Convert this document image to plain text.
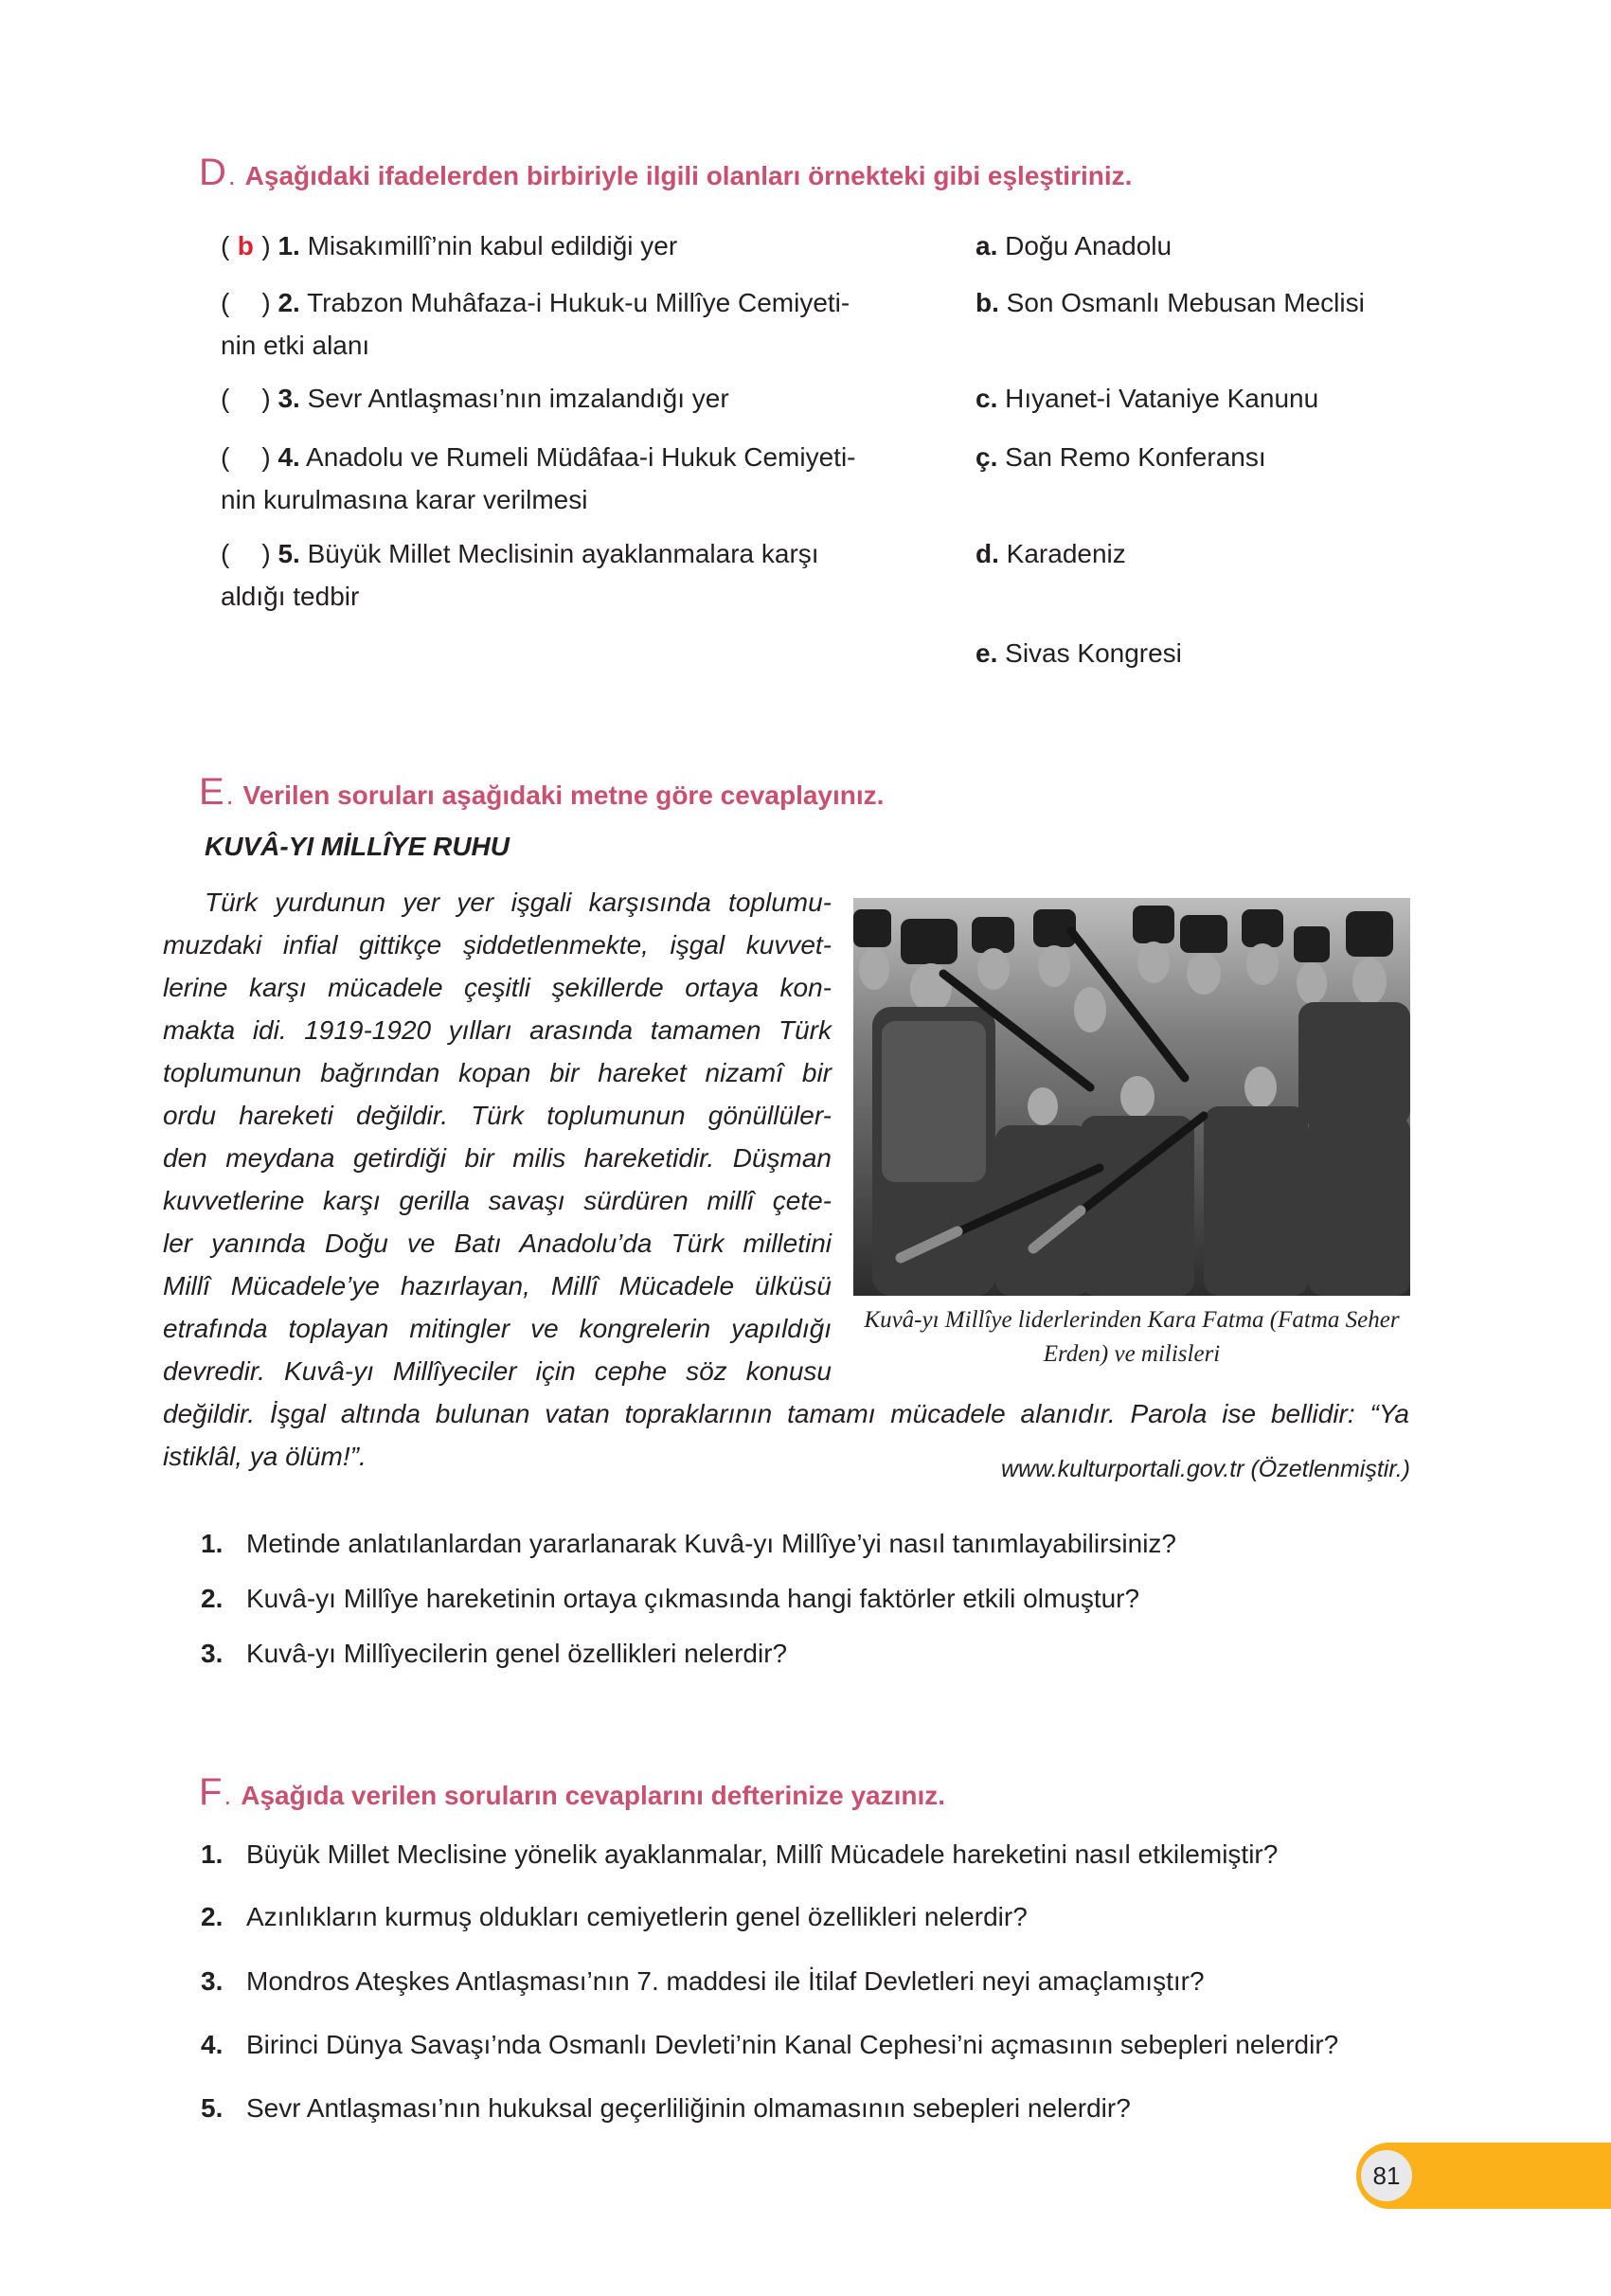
D . Aşağıdaki ifadelerden birbiriyle ilgili olanları örnekteki gibi eşleştiriniz.
( b ) 1. Misakımillî’nin kabul edildiği yer
( ) 2. Trabzon Muhâfaza-i Hukuk-u Millîye Cemiyeti-
nin etki alanı
( ) 3. Sevr Antlaşması’nın imzalandığı yer
( ) 4. Anadolu ve Rumeli Müdâfaa-i Hukuk Cemiyeti-
nin kurulmasına karar verilmesi
( ) 5. Büyük Millet Meclisinin ayaklanmalara karşı
aldığı tedbir
a. Doğu Anadolu
b. Son Osmanlı Mebusan Meclisi
c. Hıyanet-i Vataniye Kanunu
ç. San Remo Konferansı
d. Karadeniz
e. Sivas Kongresi
E . Verilen soruları aşağıdaki metne göre cevaplayınız.
KUVÂ-YI MİLLÎYE RUHU
Türk yurdunun yer yer işgali karşısında toplumu-
muzdaki infial gittikçe şiddetlenmekte, işgal kuvvet-
lerine karşı mücadele çeşitli şekillerde ortaya kon-
makta idi. 1919-1920 yılları arasında tamamen Türk
toplumunun bağrından kopan bir hareket nizamî bir
ordu hareketi değildir. Türk toplumunun gönüllüler-
den meydana getirdiği bir milis hareketidir. Düşman
kuvvetlerine karşı gerilla savaşı sürdüren millî çete-
ler yanında Doğu ve Batı Anadolu’da Türk milletini
Millî Mücadele’ye hazırlayan, Millî Mücadele ülküsü
etrafında toplayan mitingler ve kongrelerin yapıldığı
devredir. Kuvâ-yı Millîyeciler için cephe söz konusu
değildir. İşgal altında bulunan vatan topraklarının tamamı mücadele alanıdır. Parola ise bellidir: “Ya
istiklâl, ya ölüm!”.
Kuvâ-yı Millîye liderlerinden Kara Fatma (Fatma Seher Erden) ve milisleri
www.kulturportali.gov.tr (Özetlenmiştir.)
1. Metinde anlatılanlardan yararlanarak Kuvâ-yı Millîye’yi nasıl tanımlayabilirsiniz?
2. Kuvâ-yı Millîye hareketinin ortaya çıkmasında hangi faktörler etkili olmuştur?
3. Kuvâ-yı Millîyecilerin genel özellikleri nelerdir?
F . Aşağıda verilen soruların cevaplarını defterinize yazınız.
1. Büyük Millet Meclisine yönelik ayaklanmalar, Millî Mücadele hareketini nasıl etkilemiştir?
2. Azınlıkların kurmuş oldukları cemiyetlerin genel özellikleri nelerdir?
3. Mondros Ateşkes Antlaşması’nın 7. maddesi ile İtilaf Devletleri neyi amaçlamıştır?
4. Birinci Dünya Savaşı’nda Osmanlı Devleti’nin Kanal Cephesi’ni açmasının sebepleri nelerdir?
5. Sevr Antlaşması’nın hukuksal geçerliliğinin olmamasının sebepleri nelerdir?
81
